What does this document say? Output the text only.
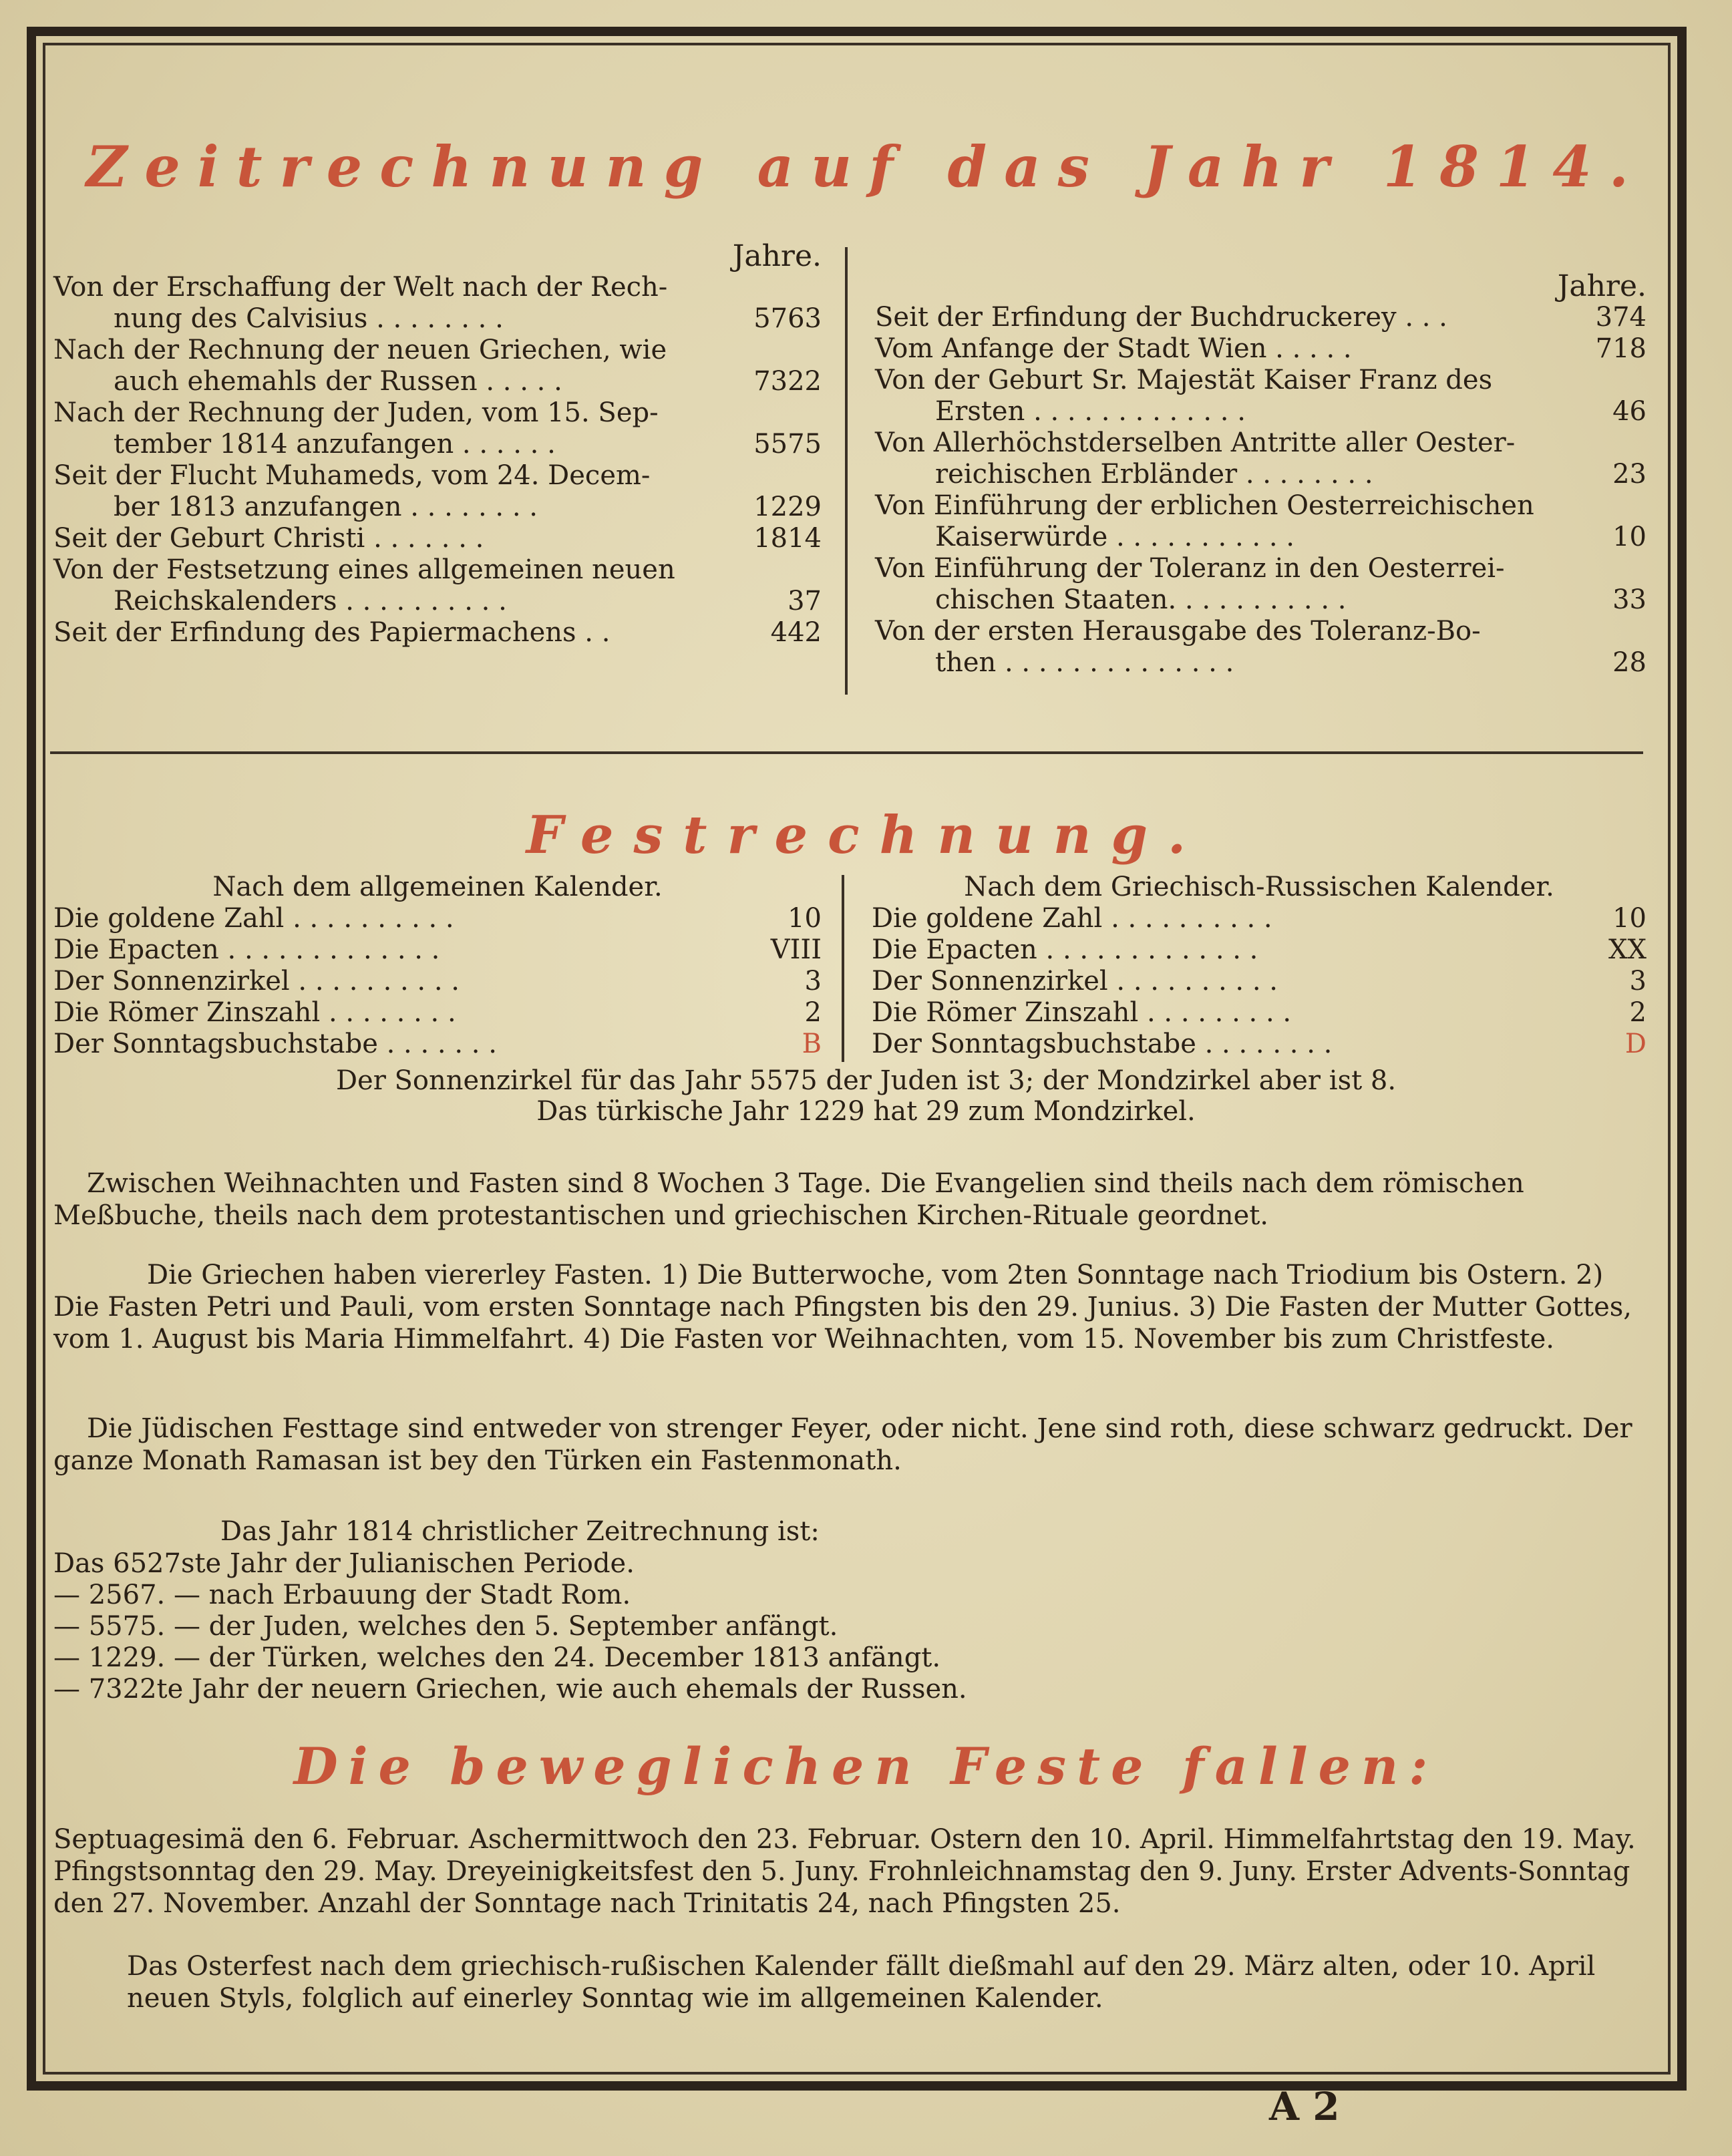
Zeitrechnung auf das Jahr 1814.
Jahre.
Von der Erschaffung der Welt nach der Rech-
nung des Calvisius . . . . . . . .	5763
Nach der Rechnung der neuen Griechen, wie
auch ehemahls der Russen . . . . .	7322
Nach der Rechnung der Juden, vom 15. Sep-
tember 1814 anzufangen . . . . . .	5575
Seit der Flucht Muhameds, vom 24. Decem-
ber 1813 anzufangen . . . . . . . .	1229
Seit der Geburt Christi . . . . . . .	1814
Von der Festsetzung eines allgemeinen neuen
Reichskalenders . . . . . . . . . .	37
Seit der Erfindung des Papiermachens . .	442
Jahre.
Seit der Erfindung der Buchdruckerey . . .	374
Vom Anfange der Stadt Wien . . . . .	718
Von der Geburt Sr. Majestät Kaiser Franz des
Ersten . . . . . . . . . . . . .	46
Von Allerhöchstderselben Antritte aller Oester-
reichischen Erbländer . . . . . . . .	23
Von Einführung der erblichen Oesterreichischen
Kaiserwürde . . . . . . . . . . .	10
Von Einführung der Toleranz in den Oesterrei-
chischen Staaten. . . . . . . . . . .	33
Von der ersten Herausgabe des Toleranz-Bo-
then . . . . . . . . . . . . . .	28
Festrechnung.
Nach dem allgemeinen Kalender.
Die goldene Zahl . . . . . . . . . .	10
Die Epacten . . . . . . . . . . . . .	VIII
Der Sonnenzirkel . . . . . . . . . .	3
Die Römer Zinszahl . . . . . . . .	2
Der Sonntagsbuchstabe . . . . . . .	B
Nach dem Griechisch-Russischen Kalender.
Die goldene Zahl . . . . . . . . . .	10
Die Epacten . . . . . . . . . . . . .	XX
Der Sonnenzirkel . . . . . . . . . .	3
Die Römer Zinszahl . . . . . . . . .	2
Der Sonntagsbuchstabe . . . . . . . .	D
Der Sonnenzirkel für das Jahr 5575 der Juden ist 3; der Mondzirkel aber ist 8.
Das türkische Jahr 1229 hat 29 zum Mondzirkel.
Zwischen Weihnachten und Fasten sind 8 Wochen 3 Tage. Die Evangelien sind theils nach dem römischen Meßbuche, theils nach dem protestantischen und griechischen Kirchen-Rituale geordnet.
Die Griechen haben viererley Fasten. 1) Die Butterwoche, vom 2ten Sonntage nach Triodium bis Ostern. 2) Die Fasten Petri und Pauli, vom ersten Sonntage nach Pfingsten bis den 29. Junius. 3) Die Fasten der Mutter Gottes, vom 1. August bis Maria Himmelfahrt. 4) Die Fasten vor Weihnachten, vom 15. November bis zum Christfeste.
Die Jüdischen Festtage sind entweder von strenger Feyer, oder nicht. Jene sind roth, diese schwarz gedruckt. Der ganze Monath Ramasan ist bey den Türken ein Fastenmonath.
Das Jahr 1814 christlicher Zeitrechnung ist:
Das 6527ste Jahr der Julianischen Periode.
— 2567. — nach Erbauung der Stadt Rom.
— 5575. — der Juden, welches den 5. September anfängt.
— 1229. — der Türken, welches den 24. December 1813 anfängt.
— 7322te Jahr der neuern Griechen, wie auch ehemals der Russen.
Die beweglichen Feste fallen:
Septuagesimä den 6. Februar. Aschermittwoch den 23. Februar. Ostern den 10. April. Himmelfahrtstag den 19. May. Pfingstsonntag den 29. May. Dreyeinigkeitsfest den 5. Juny. Frohnleichnamstag den 9. Juny. Erster Advents-Sonntag den 27. November. Anzahl der Sonntage nach Trinitatis 24, nach Pfingsten 25.
Das Osterfest nach dem griechisch-rußischen Kalender fällt dießmahl auf den 29. März alten, oder 10. April neuen Styls, folglich auf einerley Sonntag wie im allgemeinen Kalender.
A 2
